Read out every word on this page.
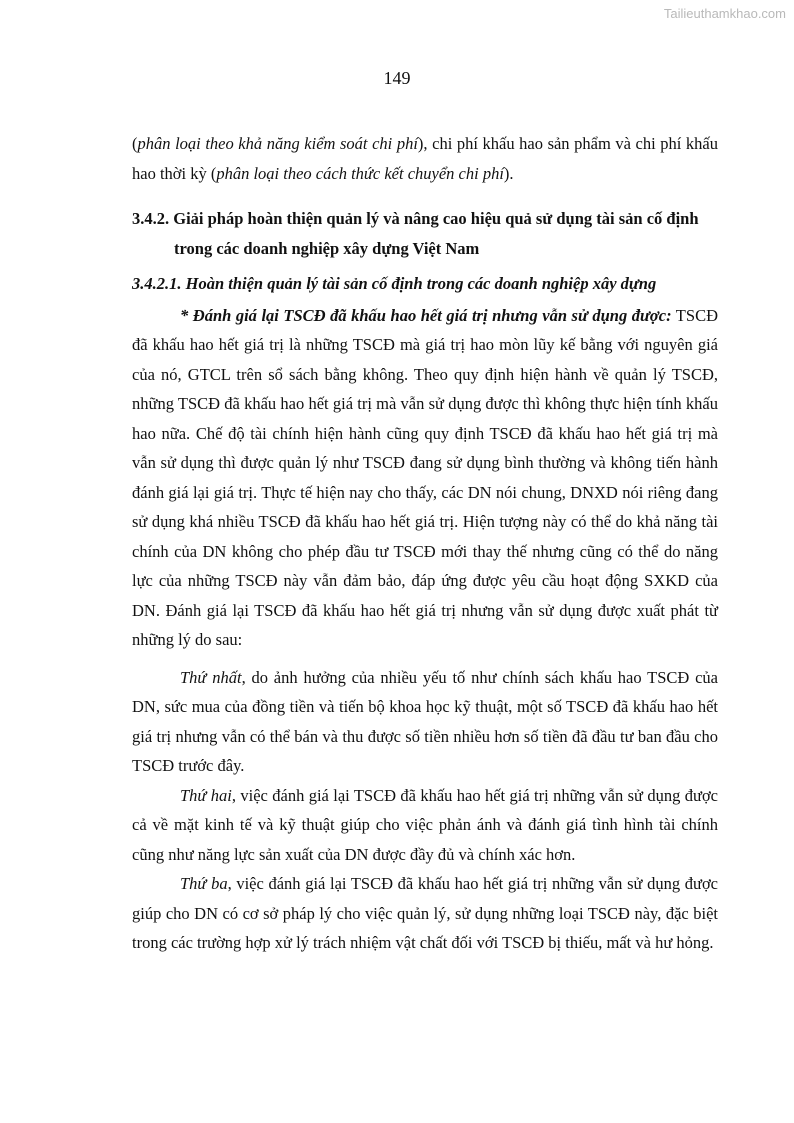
Tailieuthamkhao.com
149

(phân loại theo khả năng kiểm soát chi phí), chi phí khấu hao sản phẩm và chi phí khấu hao thời kỳ (phân loại theo cách thức kết chuyển chi phí).

3.4.2. Giải pháp hoàn thiện quản lý và nâng cao hiệu quả sử dụng tài sản cố định trong các doanh nghiệp xây dựng Việt Nam

3.4.2.1. Hoàn thiện quản lý tài sản cố định trong các doanh nghiệp xây dựng

* Đánh giá lại TSCĐ đã khấu hao hết giá trị nhưng vẫn sử dụng được: TSCĐ đã khấu hao hết giá trị là những TSCĐ mà giá trị hao mòn lũy kế bằng với nguyên giá của nó, GTCL trên sổ sách bằng không. Theo quy định hiện hành về quản lý TSCĐ, những TSCĐ đã khấu hao hết giá trị mà vẫn sử dụng được thì không thực hiện tính khấu hao nữa. Chế độ tài chính hiện hành cũng quy định TSCĐ đã khấu hao hết giá trị mà vẫn sử dụng thì được quản lý như TSCĐ đang sử dụng bình thường và không tiến hành đánh giá lại giá trị. Thực tế hiện nay cho thấy, các DN nói chung, DNXD nói riêng đang sử dụng khá nhiều TSCĐ đã khấu hao hết giá trị. Hiện tượng này có thể do khả năng tài chính của DN không cho phép đầu tư TSCĐ mới thay thế nhưng cũng có thể do năng lực của những TSCĐ này vẫn đảm bảo, đáp ứng được yêu cầu hoạt động SXKD của DN. Đánh giá lại TSCĐ đã khấu hao hết giá trị nhưng vẫn sử dụng được xuất phát từ những lý do sau:

Thứ nhất, do ảnh hưởng của nhiều yếu tố như chính sách khấu hao TSCĐ của DN, sức mua của đồng tiền và tiến bộ khoa học kỹ thuật, một số TSCĐ đã khấu hao hết giá trị nhưng vẫn có thể bán và thu được số tiền nhiều hơn số tiền đã đầu tư ban đầu cho TSCĐ trước đây.

Thứ hai, việc đánh giá lại TSCĐ đã khấu hao hết giá trị những vẫn sử dụng được cả về mặt kinh tế và kỹ thuật giúp cho việc phản ánh và đánh giá tình hình tài chính cũng như năng lực sản xuất của DN được đầy đủ và chính xác hơn.

Thứ ba, việc đánh giá lại TSCĐ đã khấu hao hết giá trị những vẫn sử dụng được giúp cho DN có cơ sở pháp lý cho việc quản lý, sử dụng những loại TSCĐ này, đặc biệt trong các trường hợp xử lý trách nhiệm vật chất đối với TSCĐ bị thiếu, mất và hư hỏng.
